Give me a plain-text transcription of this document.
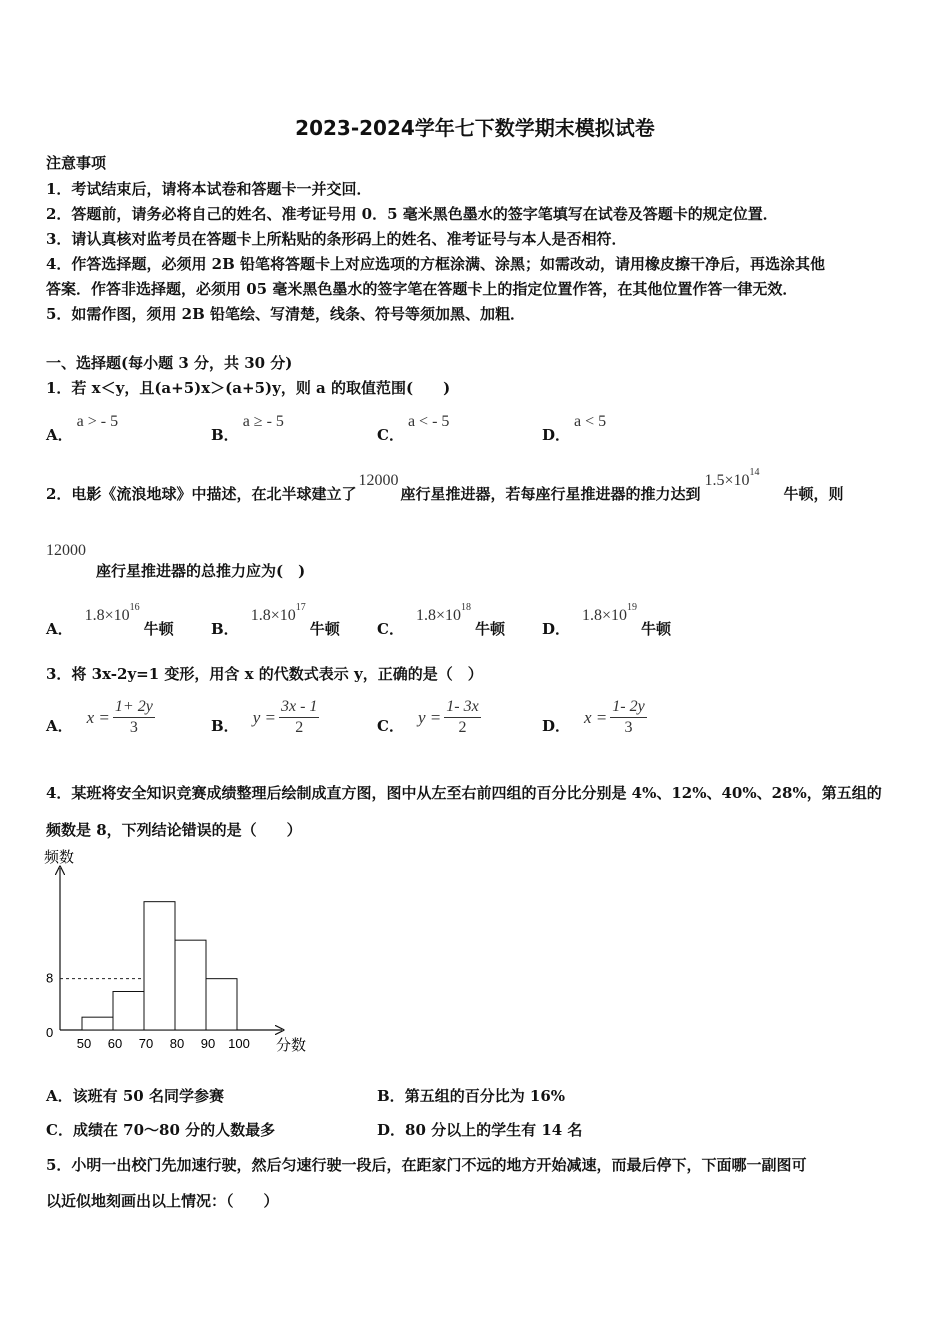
2023-2024学年七下数学期末模拟试卷
注意事项
1．考试结束后，请将本试卷和答题卡一并交回．
2．答题前，请务必将自己的姓名、准考证号用 0．5 毫米黑色墨水的签字笔填写在试卷及答题卡的规定位置．
3．请认真核对监考员在答题卡上所粘贴的条形码上的姓名、准考证号与本人是否相符．
4．作答选择题，必须用 2B 铅笔将答题卡上对应选项的方框涂满、涂黑；如需改动，请用橡皮擦干净后，再选涂其他
答案．作答非选择题，必须用 05 毫米黑色墨水的签字笔在答题卡上的指定位置作答，在其他位置作答一律无效．
5．如需作图，须用 2B 铅笔绘、写清楚，线条、符号等须加黑、加粗．
一、选择题(每小题 3 分，共 30 分)
1．若 x＜y，且(a+5)x＞(a+5)y，则 a 的取值范围(　　)
A．a > - 5
B．a ≥ - 5
C．a < - 5
D．a < 5
2．电影《流浪地球》中描述，在北半球建立了12000座行星推进器，若每座行星推进器的推力达到$1.5\times 10^{14}$牛顿，则
12000
座行星推进器的总推力应为(　)
A．$1.8\times 10^{16}$牛顿 B．$1.8\times 10^{17}$牛顿 C．$1.8\times 10^{18}$牛顿 D．$1.8\times 10^{19}$牛顿
3．将 3x-2y=1 变形，用含 x 的代数式表示 y，正确的是（　）
A． $x = \frac{1+ 2y}{3}$	B． $y = \frac{3x - 1}{2}$	C． $y = \frac{1- 3x}{2}$	D． $x = \frac{1- 2y}{3}$
4．某班将安全知识竞赛成绩整理后绘制成直方图，图中从左至右前四组的百分比分别是 4%、12%、40%、28%，第五组的
频数是 8，下列结论错误的是（　　）
频数
分数
0
8
50 60 70 80 90 100
A．该班有 50 名同学参赛	B．第五组的百分比为 16%
C．成绩在 70～80 分的人数最多	D．80 分以上的学生有 14 名
5．小明一出校门先加速行驶，然后匀速行驶一段后，在距家门不远的地方开始减速，而最后停下，下面哪一副图可
以近似地刻画出以上情况：（　　）
